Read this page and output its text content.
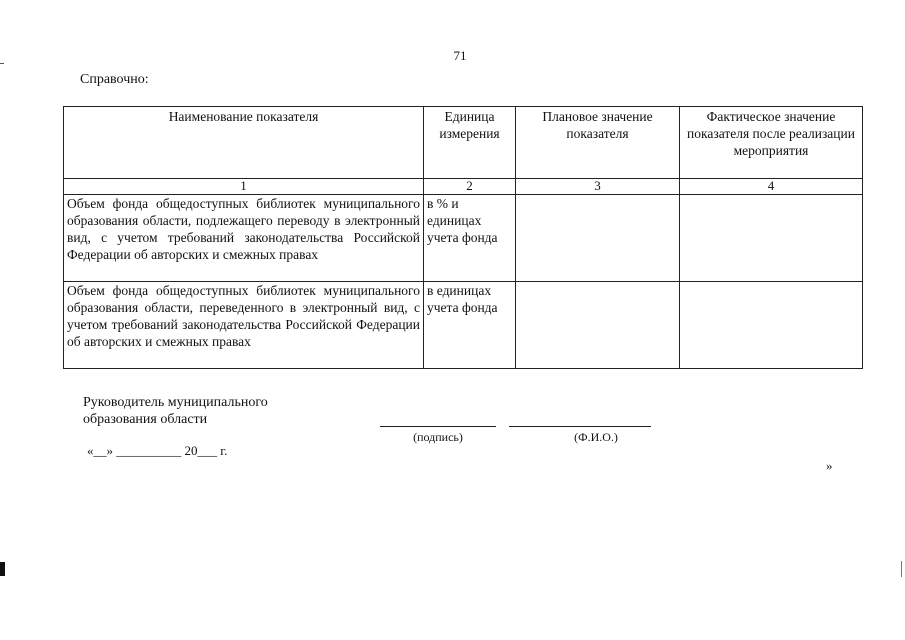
71
Справочно:
Наименование показателя	Единица измерения	Плановое значение показателя	Фактическое значение показателя после реализации мероприятия
1	2	3	4
Объем фонда общедоступных библиотек муниципального образования области, подлежащего переводу в электронный вид, с учетом требований законодательства Российской Федерации об авторских и смежных правах	в % и единицах учета фонда		
Объем фонда общедоступных библиотек муниципального образования области, переведенного в электронный вид, с учетом требований законодательства Российской Федерации об авторских и смежных правах	в единицах учета фонда		
Руководитель муниципального
образования области
(подпись)	(Ф.И.О.)
«__» __________ 20___ г.
»
